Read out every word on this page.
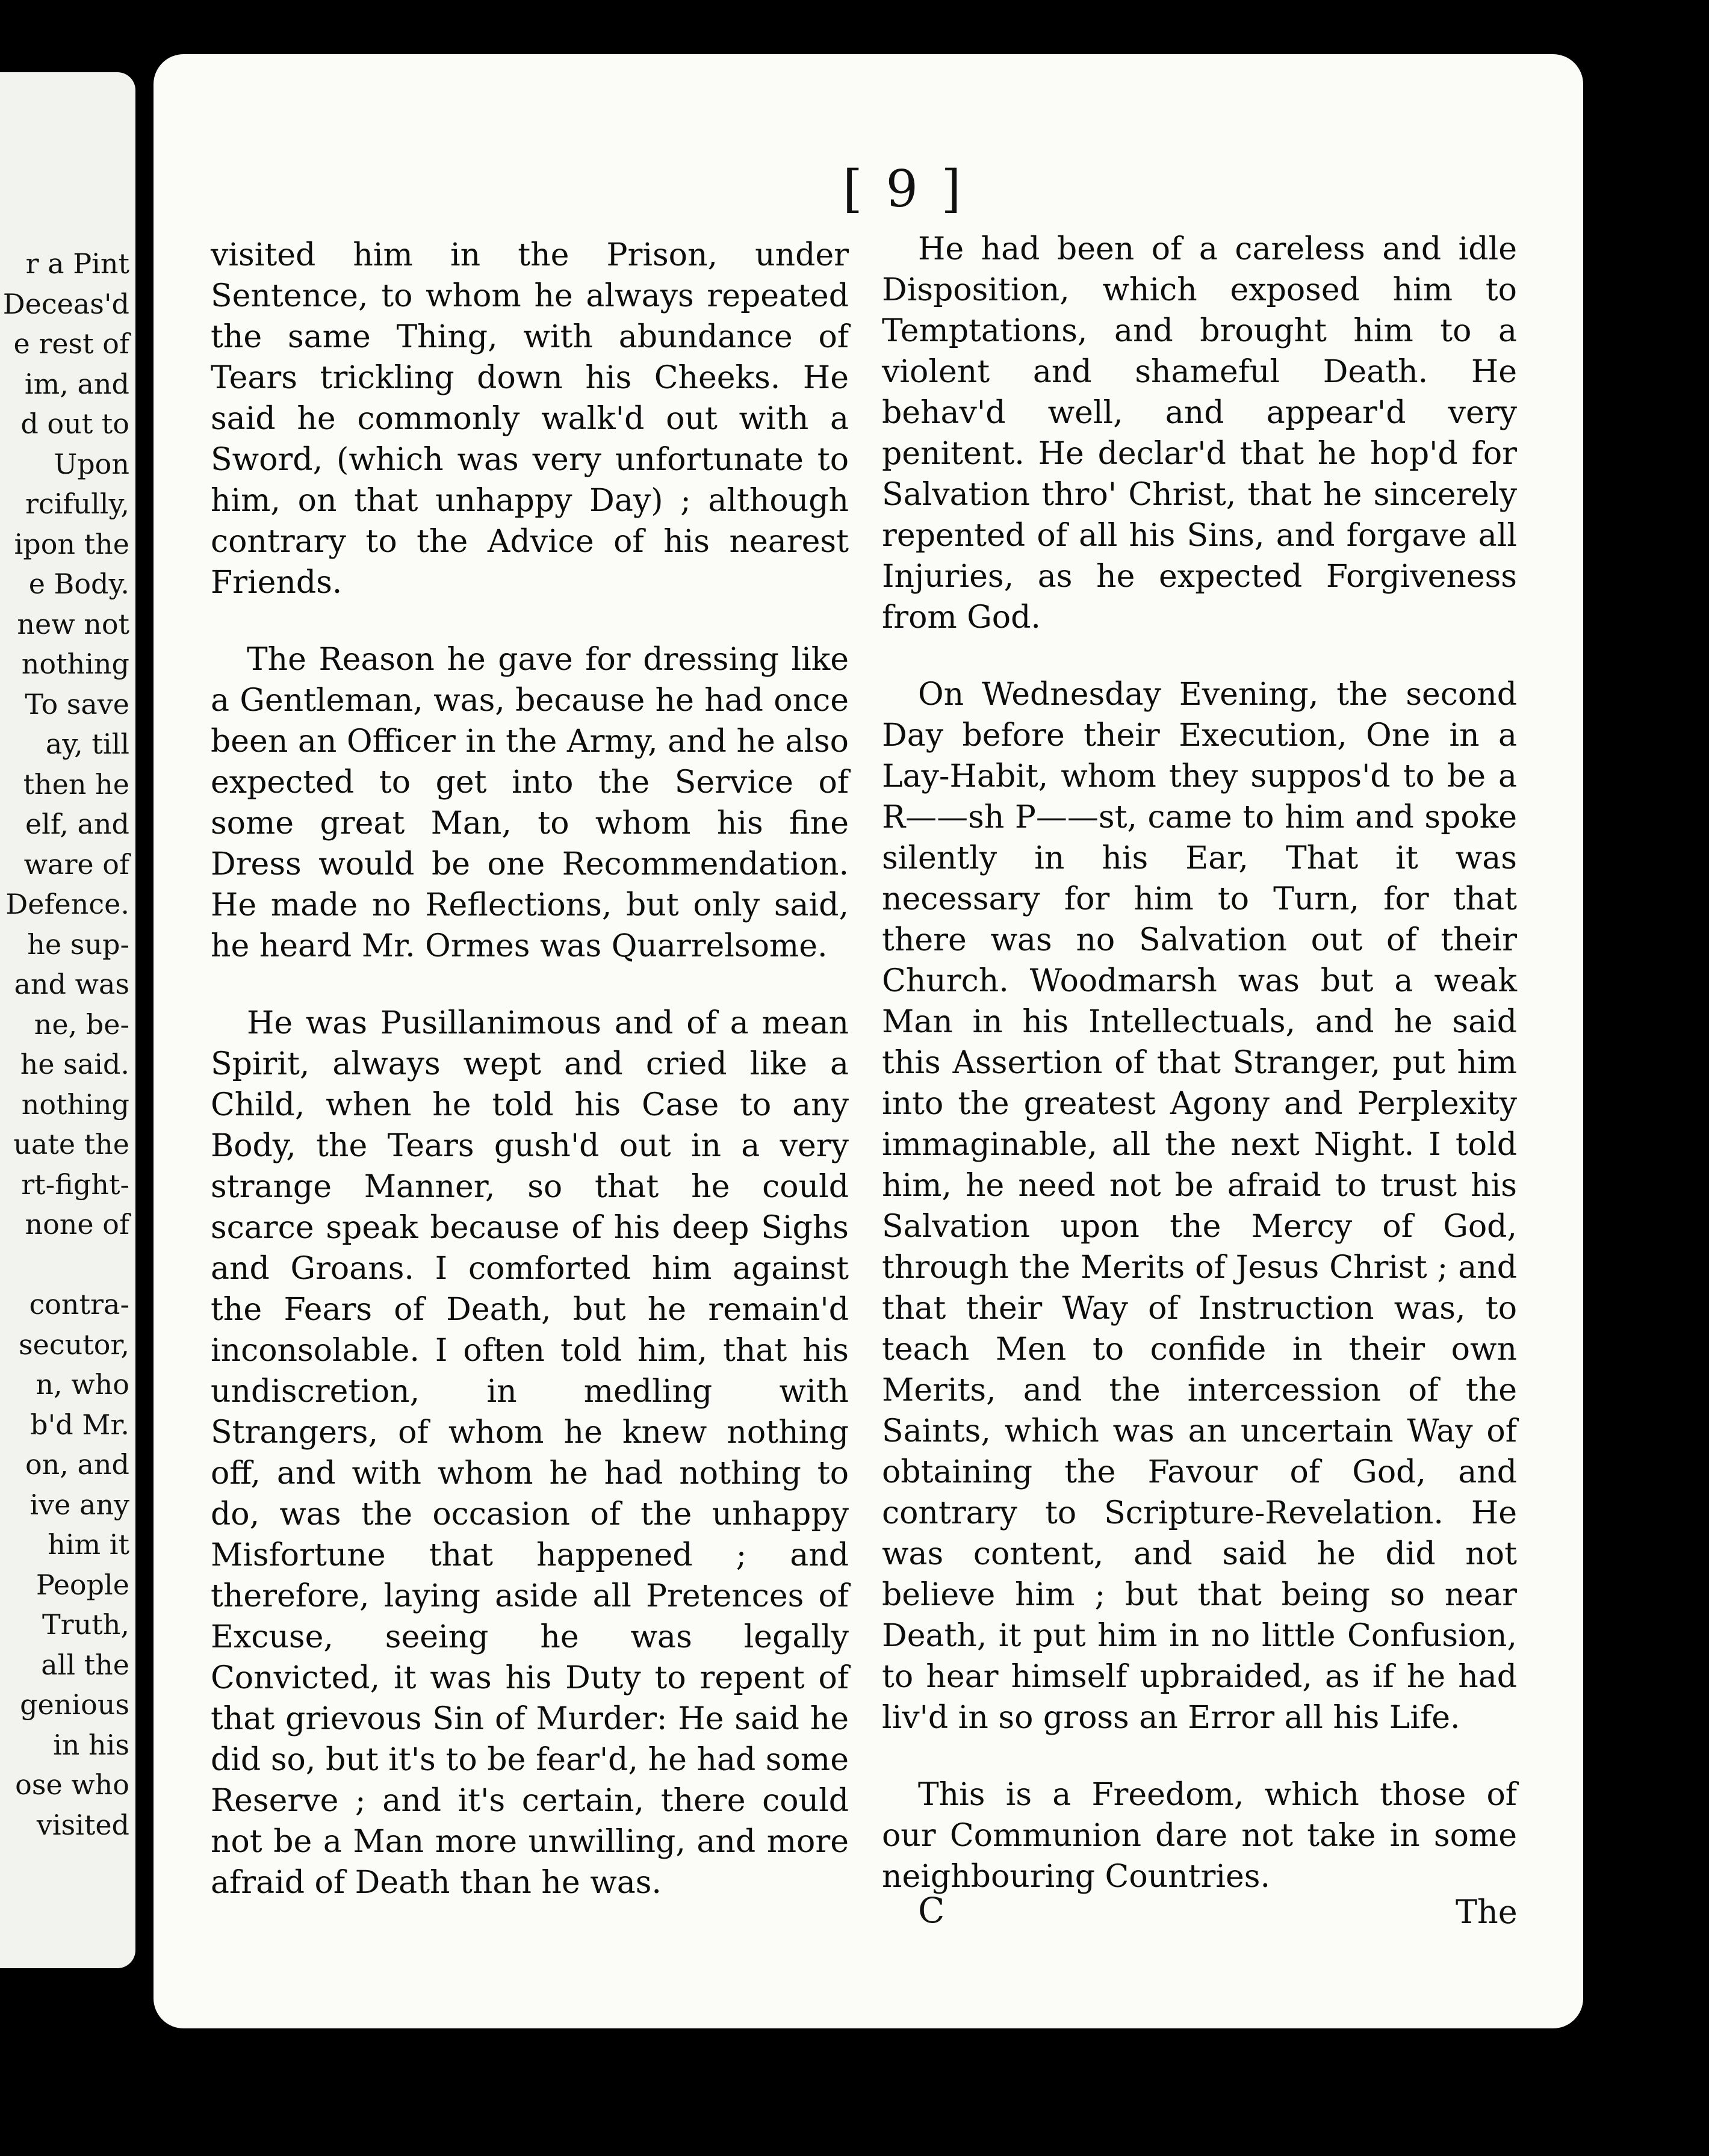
r a Pint
Deceas'd
e rest of
im, and
d out to
Upon
rcifully,
ipon the
e Body.
new not
nothing
To save
ay, till
then he
elf, and
ware of
Defence.
he sup-
and was
ne, be-
he said.
nothing
uate the
rt-fight-
none of
contra-
secutor,
n, who
b'd Mr.
on, and
ive any
him it
People
Truth,
all the
genious
in his
ose who
visited
[ 9 ]

visited him in the Prison, under Sentence, to whom he always repeated the same Thing, with abundance of Tears trickling down his Cheeks. He said he commonly walk'd out with a Sword, (which was very unfortunate to him, on that unhappy Day) ; although contrary to the Advice of his nearest Friends.

The Reason he gave for dressing like a Gentleman, was, because he had once been an Officer in the Army, and he also expected to get into the Service of some great Man, to whom his fine Dress would be one Recommendation. He made no Reflections, but only said, he heard Mr. Ormes was Quarrelsome.

He was Pusillanimous and of a mean Spirit, always wept and cried like a Child, when he told his Case to any Body, the Tears gush'd out in a very strange Manner, so that he could scarce speak because of his deep Sighs and Groans. I comforted him against the Fears of Death, but he remain'd inconsolable. I often told him, that his undiscretion, in medling with Strangers, of whom he knew nothing off, and with whom he had nothing to do, was the occasion of the unhappy Misfortune that happened ; and therefore, laying aside all Pretences of Excuse, seeing he was legally Convicted, it was his Duty to repent of that grievous Sin of Murder: He said he did so, but it's to be fear'd, he had some Reserve ; and it's certain, there could not be a Man more unwilling, and more afraid of Death than he was.

He had been of a careless and idle Disposition, which exposed him to Temptations, and brought him to a violent and shameful Death. He behav'd well, and appear'd very penitent. He declar'd that he hop'd for Salvation thro' Christ, that he sincerely repented of all his Sins, and forgave all Injuries, as he expected Forgiveness from God.

On Wednesday Evening, the second Day before their Execution, One in a Lay-Habit, whom they suppos'd to be a R——sh P——st, came to him and spoke silently in his Ear, That it was necessary for him to Turn, for that there was no Salvation out of their Church. Woodmarsh was but a weak Man in his Intellectuals, and he said this Assertion of that Stranger, put him into the greatest Agony and Perplexity immaginable, all the next Night. I told him, he need not be afraid to trust his Salvation upon the Mercy of God, through the Merits of Jesus Christ ; and that their Way of Instruction was, to teach Men to confide in their own Merits, and the intercession of the Saints, which was an uncertain Way of obtaining the Favour of God, and contrary to Scripture-Revelation. He was content, and said he did not believe him ; but that being so near Death, it put him in no little Confusion, to hear himself upbraided, as if he had liv'd in so gross an Error all his Life.

This is a Freedom, which those of our Communion dare not take in some neighbouring Countries.

C	The
